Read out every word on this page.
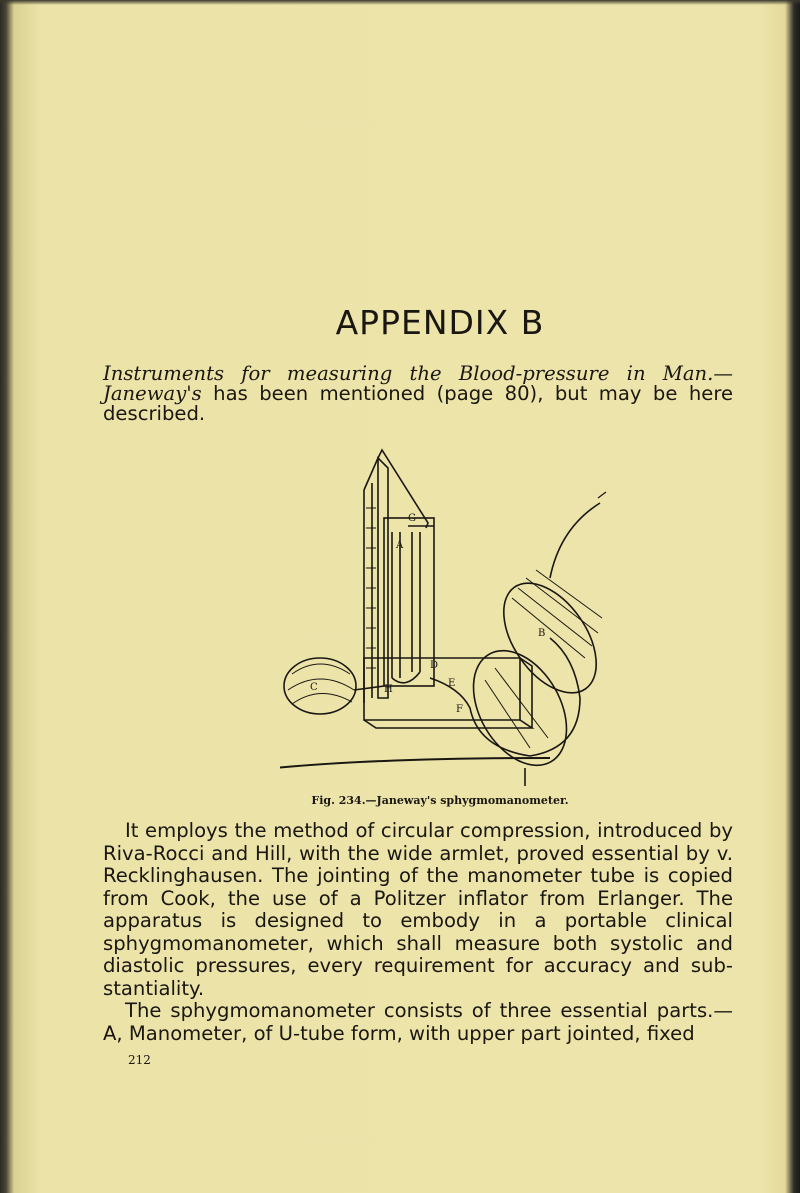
APPENDIX B
Instruments for measuring the Blood-pressure in Man.—
Janeway's has been mentioned (page 80), but may be here described.
G
A
C	H
D
E
B
F
Fig. 234.—Janeway's sphygmomanometer.

It employs the method of circular compression, introduced by Riva-Rocci and Hill, with the wide armlet, proved essential by v. Recklinghausen. The jointing of the manometer tube is copied from Cook, the use of a Politzer inflator from Erlanger. The apparatus is designed to embody in a portable clinical sphygmomanometer, which shall measure both systolic and diastolic pressures, every requirement for accuracy and sub-stantiality.

The sphygmomanometer consists of three essential parts.— A, Manometer, of U-tube form, with upper part jointed, fixed

212
